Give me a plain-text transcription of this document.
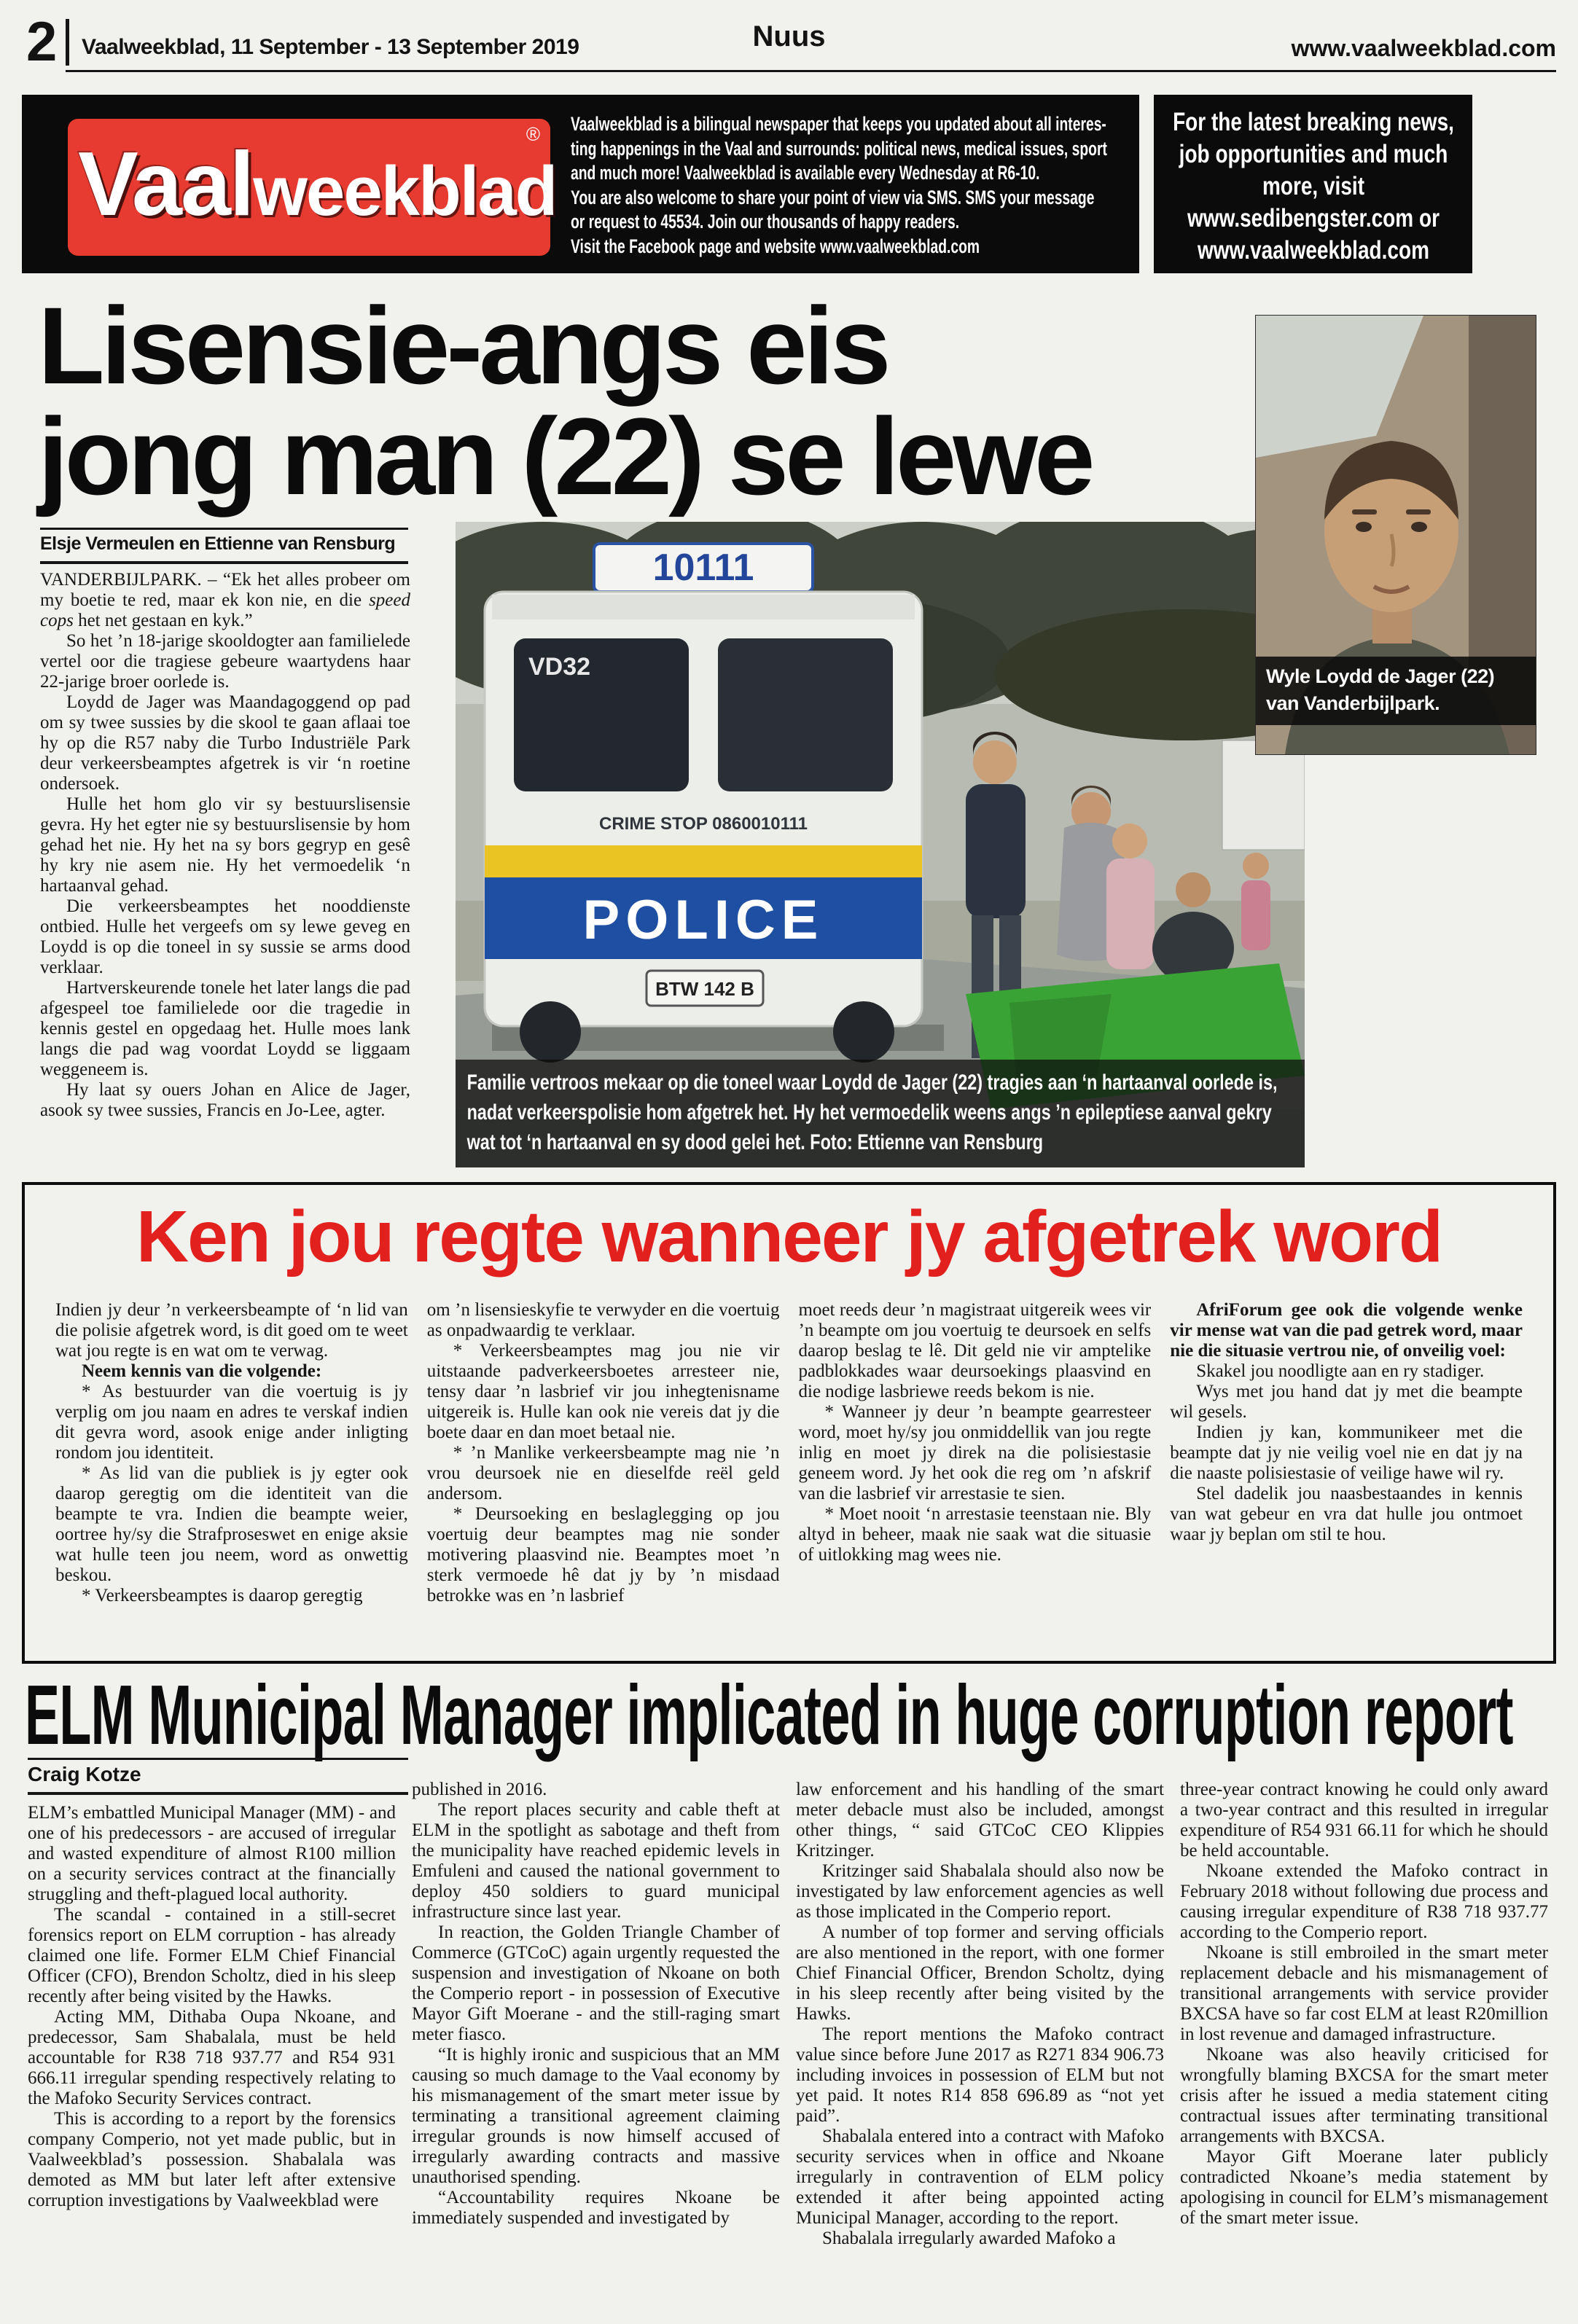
2 Vaalweekblad, 11 September - 13 September 2019	Nuus	www.vaalweekblad.com
Vaal weekblad
® Vaalweekblad is a bilingual newspaper that keeps you updated about all interes-
ting happenings in the Vaal and surrounds: political news, medical issues, sport
and much more! Vaalweekblad is available every Wednesday at R6-10.
You are also welcome to share your point of view via SMS. SMS your message
or request to 45534. Join our thousands of happy readers.
Visit the Facebook page and website www.vaalweekblad.com
For the latest breaking news,
job opportunities and much
more, visit
www.sedibengster.com or
www.vaalweekblad.com
Lisensie-angs eis
jong man (22) se lewe
Elsje Vermeulen en Ettienne van Rensburg

VANDERBIJLPARK. – “Ek het alles probeer om my boetie te red, maar ek kon nie, en die speed cops het net gestaan en kyk.”

So het ’n 18-jarige skooldogter aan familielede vertel oor die tragiese gebeure waartydens haar 22-jarige broer oorlede is.

Loydd de Jager was Maandagoggend op pad om sy twee sussies by die skool te gaan aflaai toe hy op die R57 naby die Turbo Industriële Park deur verkeersbeamptes afgetrek is vir ‘n roetine ondersoek.

Hulle het hom glo vir sy bestuurslisensie gevra. Hy het egter nie sy bestuurslisensie by hom gehad het nie. Hy het na sy bors gegryp en gesê hy kry nie asem nie. Hy het vermoedelik ‘n hartaanval gehad.

Die verkeersbeamptes het nooddienste ontbied. Hulle het vergeefs om sy lewe geveg en Loydd is op die toneel in sy sussie se arms dood verklaar.

Hartverskeurende tonele het later langs die pad afgespeel toe familielede oor die tragedie in kennis gestel en opgedaag het. Hulle moes lank langs die pad wag voordat Loydd se liggaam weggeneem is.

Hy laat sy ouers Johan en Alice de Jager, asook sy twee sussies, Francis en Jo-Lee, agter.

10111
VD32
CRIME STOP 0860010111
POLICE
BTW 142 B
Familie vertroos mekaar op die toneel waar Loydd de Jager (22) tragies aan ‘n hartaanval oorlede is, nadat verkeerspolisie hom afgetrek het. Hy het vermoedelik weens angs ’n epileptiese aanval gekry wat tot ‘n hartaanval en sy dood gelei het. Foto: Ettienne van Rensburg
Wyle Loydd de Jager (22)
van Vanderbijlpark.
Ken jou regte wanneer jy afgetrek word

Indien jy deur ’n verkeersbeampte of ‘n lid van die polisie afgetrek word, is dit goed om te weet wat jou regte is en wat om te verwag.

Neem kennis van die volgende:

* As bestuurder van die voertuig is jy verplig om jou naam en adres te verskaf indien dit gevra word, asook enige ander inligting rondom jou identiteit.

* As lid van die publiek is jy egter ook daarop geregtig om die identiteit van die beampte te vra. Indien die beampte weier, oortree hy/sy die Strafproseswet en enige aksie wat hulle teen jou neem, word as onwettig beskou.

* Verkeersbeamptes is daarop geregtig

om ’n lisensieskyfie te verwyder en die voertuig as onpadwaardig te verklaar.

* Verkeersbeamptes mag jou nie vir uitstaande padverkeersboetes arresteer nie, tensy daar ’n lasbrief vir jou inhegtenisname uitgereik is. Hulle kan ook nie vereis dat jy die boete daar en dan moet betaal nie.

* ’n Manlike verkeersbeampte mag nie ’n vrou deursoek nie en dieselfde reël geld andersom.

* Deursoeking en beslaglegging op jou voertuig deur beamptes mag nie sonder motivering plaasvind nie. Beamptes moet ’n sterk vermoede hê dat jy by ’n misdaad betrokke was en ’n lasbrief

moet reeds deur ’n magistraat uitgereik wees vir ’n beampte om jou voertuig te deursoek en selfs daarop beslag te lê. Dit geld nie vir amptelike padblokkades waar deursoekings plaasvind en die nodige lasbriewe reeds bekom is nie.

* Wanneer jy deur ’n beampte gearresteer word, moet hy/sy jou onmiddellik van jou regte inlig en moet jy direk na die polisiestasie geneem word. Jy het ook die reg om ’n afskrif van die lasbrief vir arrestasie te sien.

* Moet nooit ‘n arrestasie teenstaan nie. Bly altyd in beheer, maak nie saak wat die situasie of uitlokking mag wees nie.

AfriForum gee ook die volgende wenke vir mense wat van die pad getrek word, maar nie die situasie vertrou nie, of onveilig voel:

Skakel jou noodligte aan en ry stadiger.

Wys met jou hand dat jy met die beampte wil gesels.

Indien jy kan, kommunikeer met die beampte dat jy nie veilig voel nie en dat jy na die naaste polisiestasie of veilige hawe wil ry.

Stel dadelik jou naasbestaandes in kennis van wat gebeur en vra dat hulle jou ontmoet waar jy beplan om stil te hou.

ELM Municipal Manager implicated in huge corruption report
Craig Kotze

ELM’s embattled Municipal Manager (MM) - and one of his predecessors - are accused of irregular and wasted expenditure of almost R100 million on a security services contract at the financially struggling and theft-plagued local authority.

The scandal - contained in a still-secret forensics report on ELM corruption - has already claimed one life. Former ELM Chief Financial Officer (CFO), Brendon Scholtz, died in his sleep recently after being visited by the Hawks.

Acting MM, Dithaba Oupa Nkoane, and predecessor, Sam Shabalala, must be held accountable for R38 718 937.77 and R54 931 666.11 irregular spending respectively relating to the Mafoko Security Services contract.

This is according to a report by the forensics company Comperio, not yet made public, but in Vaalweekblad’s possession. Shabalala was demoted as MM but later left after extensive corruption investigations by Vaalweekblad were

published in 2016.

The report places security and cable theft at ELM in the spotlight as sabotage and theft from the municipality have reached epidemic levels in Emfuleni and caused the national government to deploy 450 soldiers to guard municipal infrastructure since last year.

In reaction, the Golden Triangle Chamber of Commerce (GTCoC) again urgently requested the suspension and investigation of Nkoane on both the Comperio report - in possession of Executive Mayor Gift Moerane - and the still-raging smart meter fiasco.

“It is highly ironic and suspicious that an MM causing so much damage to the Vaal economy by his mismanagement of the smart meter issue by terminating a transitional agreement claiming irregular grounds is now himself accused of irregularly awarding contracts and massive unauthorised spending.

“Accountability requires Nkoane be immediately suspended and investigated by

law enforcement and his handling of the smart meter debacle must also be included, amongst other things, “ said GTCoC CEO Klippies Kritzinger.

Kritzinger said Shabalala should also now be investigated by law enforcement agencies as well as those implicated in the Comperio report.

A number of top former and serving officials are also mentioned in the report, with one former Chief Financial Officer, Brendon Scholtz, dying in his sleep recently after being visited by the Hawks.

The report mentions the Mafoko contract value since before June 2017 as R271 834 906.73 including invoices in possession of ELM but not yet paid. It notes R14 858 696.89 as “not yet paid”.

Shabalala entered into a contract with Mafoko security services when in office and Nkoane irregularly in contravention of ELM policy extended it after being appointed acting Municipal Manager, according to the report.

Shabalala irregularly awarded Mafoko a

three-year contract knowing he could only award a two-year contract and this resulted in irregular expenditure of R54 931 66.11 for which he should be held accountable.

Nkoane extended the Mafoko contract in February 2018 without following due process and causing irregular expenditure of R38 718 937.77 according to the Comperio report.

Nkoane is still embroiled in the smart meter replacement debacle and his mismanagement of transitional arrangements with service provider BXCSA have so far cost ELM at least R20million in lost revenue and damaged infrastructure.

Nkoane was also heavily criticised for wrongfully blaming BXCSA for the smart meter crisis after he issued a media statement citing contractual issues after terminating transitional arrangements with BXCSA.

Mayor Gift Moerane later publicly contradicted Nkoane’s media statement by apologising in council for ELM’s mismanagement of the smart meter issue.
